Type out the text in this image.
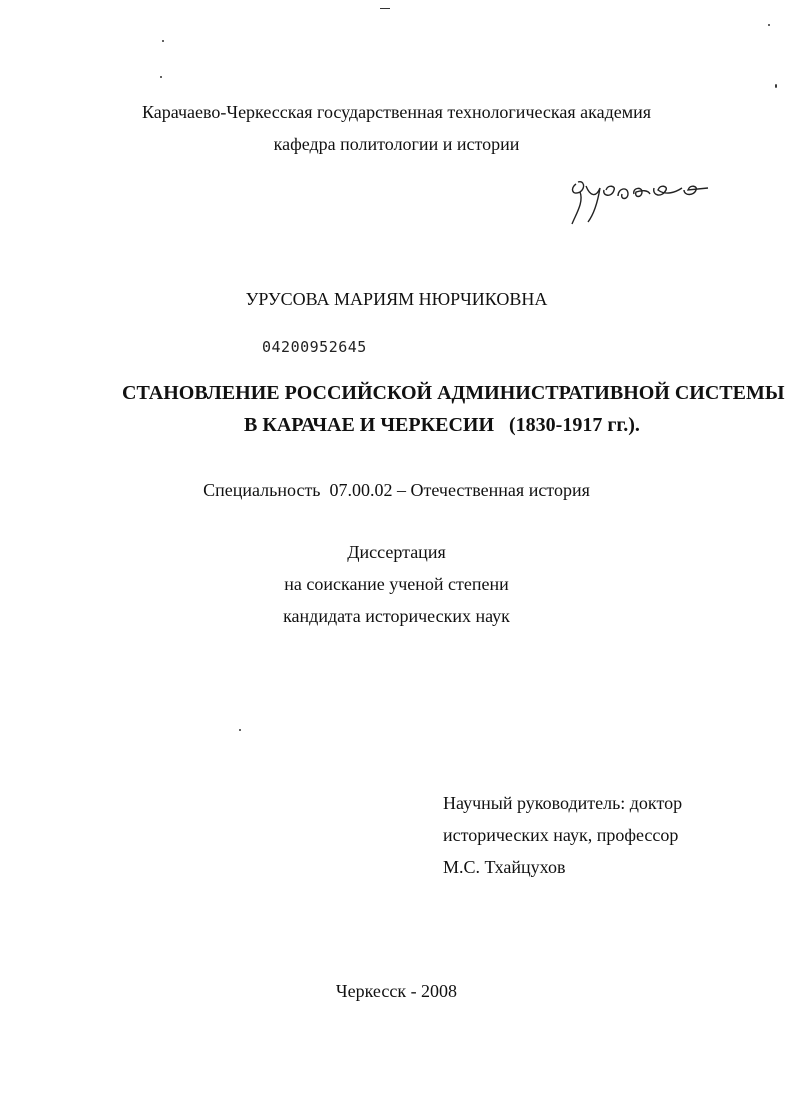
Карачаево-Черкесская государственная технологическая академия
кафедра политологии и истории
УРУСОВА МАРИЯМ НЮРЧИКОВНА
04200952645
СТАНОВЛЕНИЕ РОССИЙСКОЙ АДМИНИСТРАТИВНОЙ СИСТЕМЫ
В КАРАЧАЕ И ЧЕРКЕСИИ   (1830-1917 гг.).
Специальность  07.00.02 – Отечественная история
Диссертация
на соискание ученой степени
кандидата исторических наук
Научный руководитель: доктор
исторических наук, профессор
М.С. Тхайцухов
Черкесск - 2008
